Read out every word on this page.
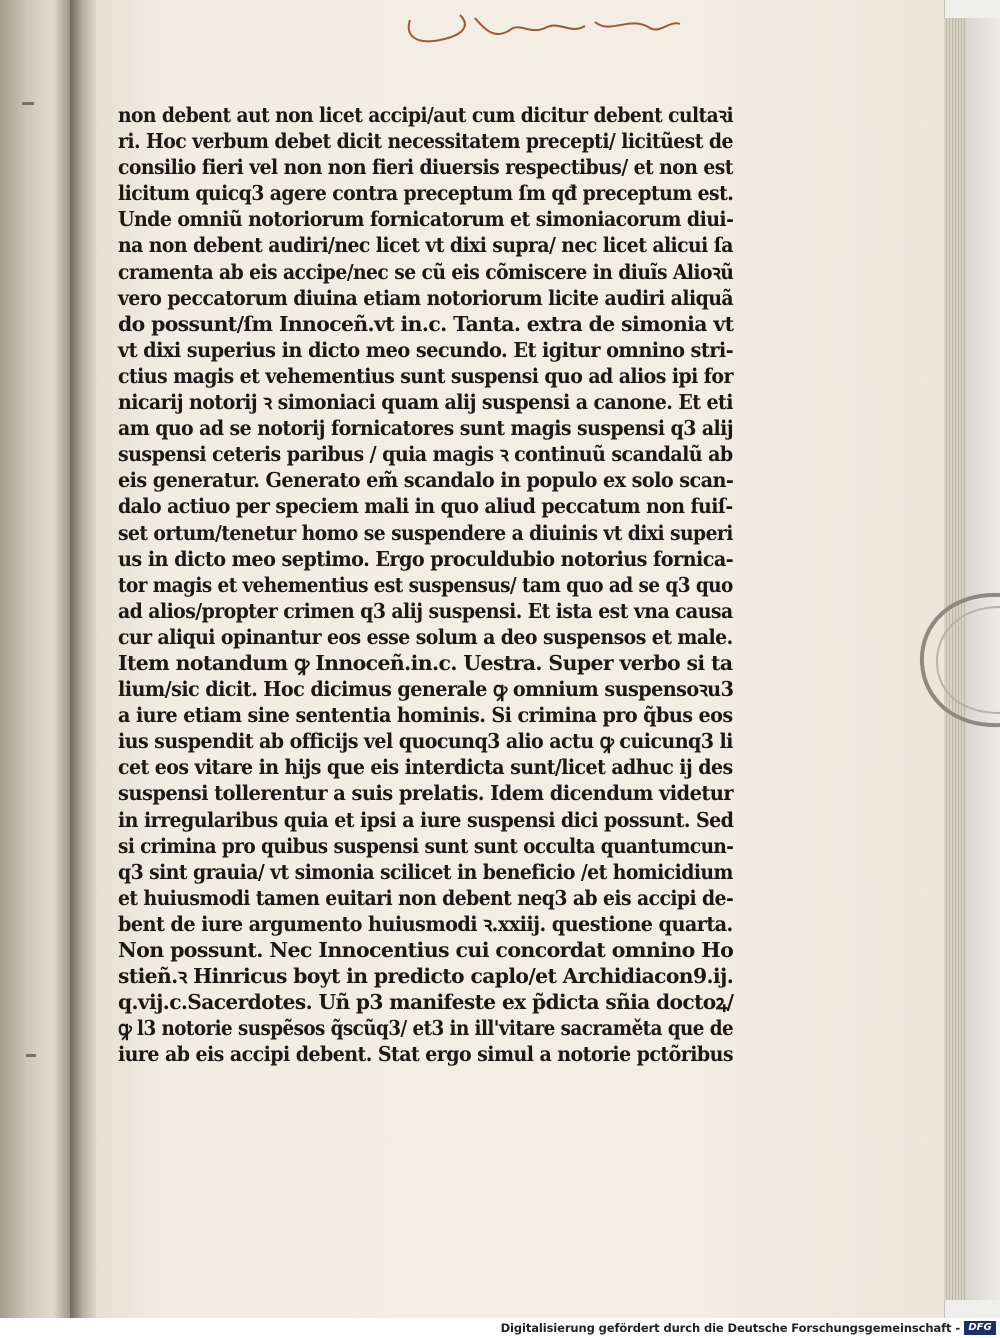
non debent aut non licet accipi/aut cum dicitur debent cultaꝛi
ri. Hoc verbum debet dicit necessitatem precepti/ licitũest de
consilio fieri vel non non fieri diuersis respectibus/ et non est
licitum quicq3 agere contra preceptum ſm qđ preceptum est.
Unde omniũ notoriorum fornicatorum et simoniacorum diui-
na non debent audiri/nec licet vt dixi supra/ nec licet alicui ſa
cramenta ab eis accipe/nec se cũ eis cõmiscere in diuĩs Alioꝛũ
vero peccatorum diuina etiam notoriorum licite audiri aliquã
do possunt/ſm Innoceñ.vt in.c. Tanta. extra de simonia vt
vt dixi superius in dicto meo secundo. Et igitur omnino stri-
ctius magis et vehementius sunt suspensi quo ad alios ipi for
nicarij notorij ꝛ simoniaci quam alij suspensi a canone. Et eti
am quo ad se notorij fornicatores sunt magis suspensi q3 alij
suspensi ceteris paribus / quia magis ꝛ continuũ scandalũ ab
eis generatur. Generato em̃ scandalo in populo ex solo scan-
dalo actiuo per speciem mali in quo aliud peccatum non fuiſ-
set ortum/tenetur homo se suspendere a diuinis vt dixi superi
us in dicto meo septimo. Ergo proculdubio notorius fornica-
tor magis et vehementius est suspensus/ tam quo ad se q3 quo
ad alios/propter crimen q3 alij suspensi. Et ista est vna causa
cur aliqui opinantur eos esse solum a deo suspensos et male.
Item notandum ꝙ Innoceñ.in.c. Uestra. Super verbo si ta
lium/sic dicit. Hoc dicimus generale ꝙ omnium suspensoꝛu3
a iure etiam sine sententia hominis. Si crimina pro q̃bus eos
ius suspendit ab officijs vel quocunq3 alio actu ꝙ cuicunq3 li
cet eos vitare in hijs que eis interdicta sunt/licet adhuc ij des
suspensi tollerentur a suis prelatis. Idem dicendum videtur
in irregularibus quia et ipsi a iure suspensi dici possunt. Sed
si crimina pro quibus suspensi sunt sunt occulta quantumcun-
q3 sint grauia/ vt simonia scilicet in beneficio /et homicidium
et huiusmodi tamen euitari non debent neq3 ab eis accipi de-
bent de iure argumento huiusmodi ꝛ.xxiij. questione quarta.
Non possunt. Nec Innocentius cui concordat omnino Ho
stieñ.ꝛ Hinricus boyt in predicto caplo/et Archidiacon9.ij.
q.vij.c.Sacerdotes. Uñ p3 manifeste ex p̃dicta sñia doctoꝝ/
ꝙ l3 notorie suspẽsos q̃scũq3/ et3 in ill'vitare sacraměta que de
iure ab eis accipi debent. Stat ergo simul a notorie pctõribus
Digitalisierung gefördert durch die Deutsche Forschungsgemeinschaft - DFG
